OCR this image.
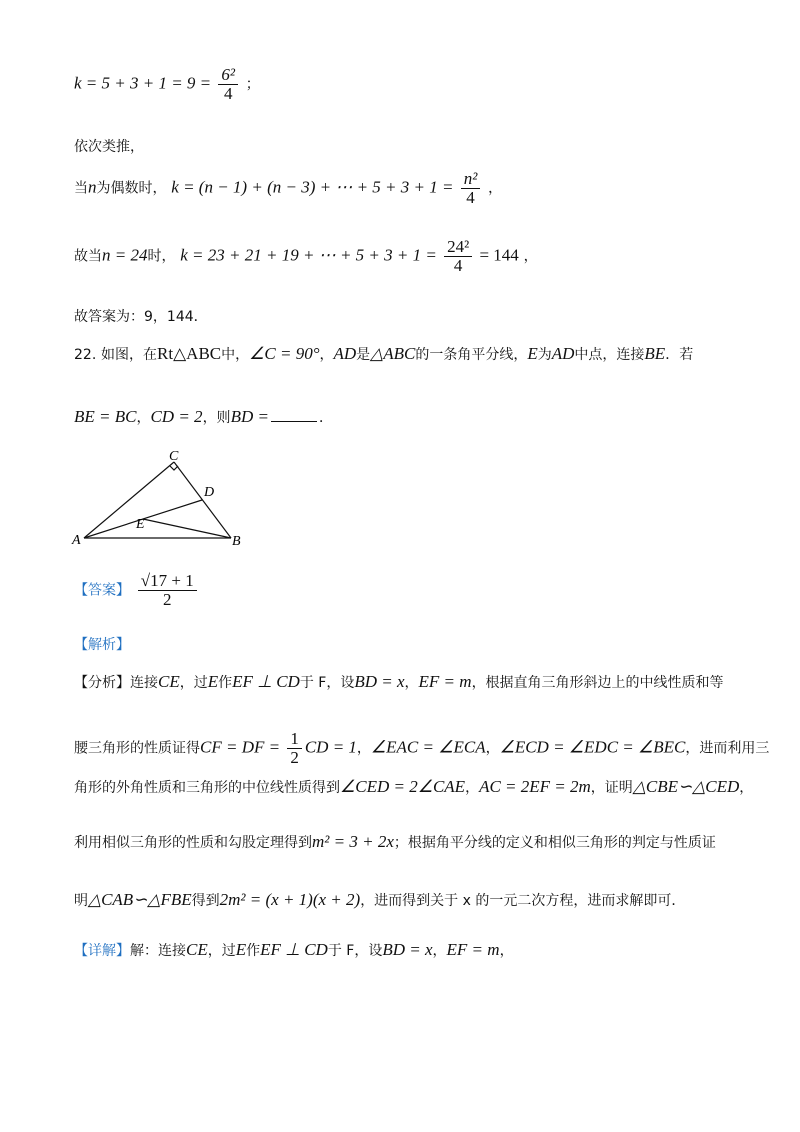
$k = 5 + 3 + 1 = 9 = \frac{\text{6²}}{4}$ ；
依次类推，
当n为偶数时， k = (n − 1) + (n − 3) + ⋯ + $5 + 3 + 1 = \frac{\text{n²}}{4}$ ，
故当n = 24时， k = 23 + 21 + 19 + ⋯ + $5 + 3 + 1 = \frac{\text{24²}}{4} = 144$ ，
故答案为：9，144．
22. 如图，在Rt△ABC中，∠C = 90°，AD是△ABC的一条角平分线，E为AD中点，连接BE．若
BE = BC，CD = 2，则BD =	．
C
D
E
A	B
【答案】 $\frac{√17 + 1}{2}$
【解析】
【分析】连接CE，过E作EF ⊥ CD于 F，设BD = x，EF = m，根据直角三角形斜边上的中线性质和等
腰三角形的性质证得CF = DF = $\frac{1}{2}$ CD = 1，∠EAC = ∠ECA，∠ECD = ∠EDC = ∠BEC，进而利用三
角形的外角性质和三角形的中位线性质得到∠CED = 2∠CAE，AC = 2EF = 2m，证明△CBE∽△CED，
利用相似三角形的性质和勾股定理得到m² = 3 + 2x；根据角平分线的定义和相似三角形的判定与性质证
明△CAB∽△FBE得到2m² = (x + 1)(x + 2)，进而得到关于 x 的一元二次方程，进而求解即可．
【详解】解：连接CE，过E作EF ⊥ CD于 F，设BD = x，EF = m，
